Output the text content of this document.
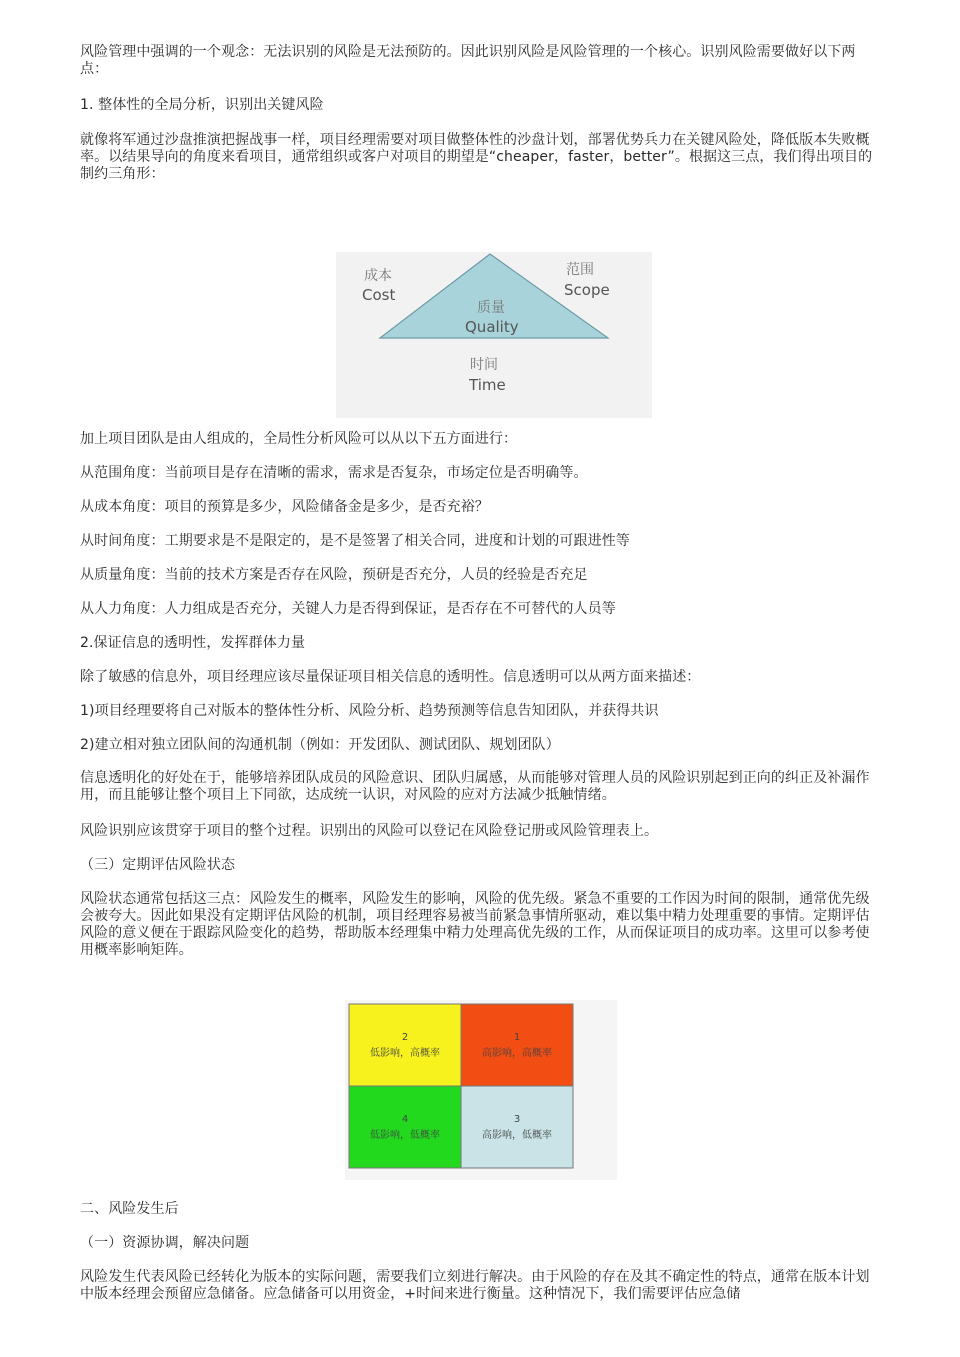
风险管理中强调的一个观念：无法识别的风险是无法预防的。因此识别风险是风险管理的一个核心。识别风险需要做好以下两点：

1. 整体性的全局分析，识别出关键风险

就像将军通过沙盘推演把握战事一样，项目经理需要对项目做整体性的沙盘计划，部署优势兵力在关键风险处，降低版本失败概率。以结果导向的角度来看项目，通常组织或客户对项目的期望是“cheaper，faster，better”。根据这三点，我们得出项目的制约三角形：

成本
Cost
范围
Scope
质量
Quality
时间
Time

加上项目团队是由人组成的，全局性分析风险可以从以下五方面进行：

从范围角度：当前项目是存在清晰的需求，需求是否复杂，市场定位是否明确等。

从成本角度：项目的预算是多少，风险储备金是多少，是否充裕？

从时间角度：工期要求是不是限定的，是不是签署了相关合同，进度和计划的可跟进性等

从质量角度：当前的技术方案是否存在风险，预研是否充分，人员的经验是否充足

从人力角度：人力组成是否充分，关键人力是否得到保证，是否存在不可替代的人员等

2.保证信息的透明性，发挥群体力量

除了敏感的信息外，项目经理应该尽量保证项目相关信息的透明性。信息透明可以从两方面来描述：

1)项目经理要将自己对版本的整体性分析、风险分析、趋势预测等信息告知团队，并获得共识

2)建立相对独立团队间的沟通机制（例如：开发团队、测试团队、规划团队）

信息透明化的好处在于，能够培养团队成员的风险意识、团队归属感，从而能够对管理人员的风险识别起到正向的纠正及补漏作用，而且能够让整个项目上下同欲，达成统一认识，对风险的应对方法减少抵触情绪。

风险识别应该贯穿于项目的整个过程。识别出的风险可以登记在风险登记册或风险管理表上。

（三）定期评估风险状态

风险状态通常包括这三点：风险发生的概率，风险发生的影响，风险的优先级。紧急不重要的工作因为时间的限制，通常优先级会被夸大。因此如果没有定期评估风险的机制，项目经理容易被当前紧急事情所驱动，难以集中精力处理重要的事情。定期评估风险的意义便在于跟踪风险变化的趋势，帮助版本经理集中精力处理高优先级的工作，从而保证项目的成功率。这里可以参考使用概率影响矩阵。

2
低影响，高概率
1
高影响，高概率
4
低影响，低概率
3
高影响，低概率

二、风险发生后

（一）资源协调，解决问题

风险发生代表风险已经转化为版本的实际问题，需要我们立刻进行解决。由于风险的存在及其不确定性的特点，通常在版本计划中版本经理会预留应急储备。应急储备可以用资金，+时间来进行衡量。这种情况下，我们需要评估应急储
